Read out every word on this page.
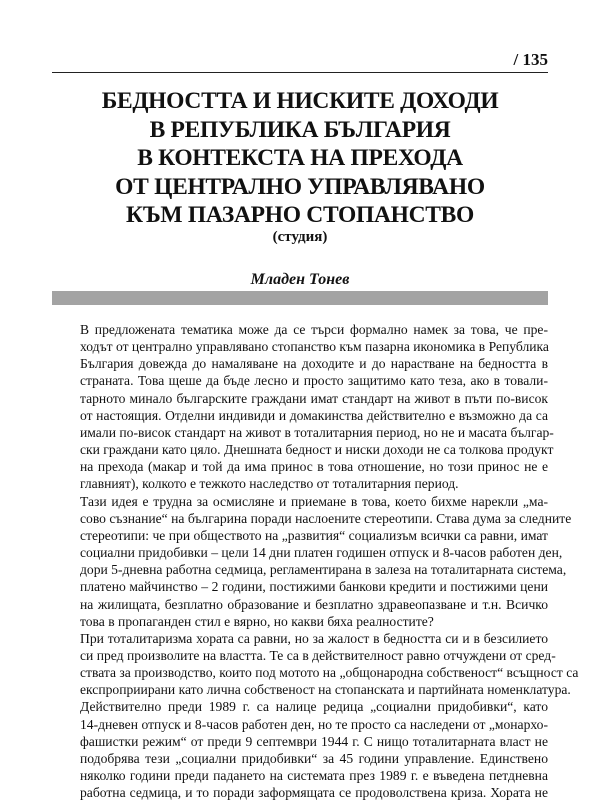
/ 135
БЕДНОСТТА И НИСКИТЕ ДОХОДИ
В РЕПУБЛИКА БЪЛГАРИЯ
В КОНТЕКСТА НА ПРЕХОДА
ОТ ЦЕНТРАЛНО УПРАВЛЯВАНО
КЪМ ПАЗАРНО СТОПАНСТВО
(студия)
Младен Тонев

В предложената тематика може да се търси формално намек за това, че пре-
ходът от централно управлявано стопанство към пазарна икономика в Република
България довежда до намаляване на доходите и до нарастване на бедността в
страната. Това щеше да бъде лесно и просто защитимо като теза, ако в товали-
тарното минало българските граждани имат стандарт на живот в пъти по-висок
от настоящия. Отделни индивиди и домакинства действително е възможно да са
имали по-висок стандарт на живот в тоталитарния период, но не и масата българ-
ски граждани като цяло. Днешната бедност и ниски доходи не са толкова продукт
на прехода (макар и той да има принос в това отношение, но този принос не е
главният), колкото е тежкото наследство от тоталитарния период.

Тази идея е трудна за осмисляне и приемане в това, което бихме нарекли „ма-
сово съзнание“ на българина поради наслоените стереотипи. Става дума за следните
стереотипи: че при обществото на „развития“ социализъм всички са равни, имат
социални придобивки – цели 14 дни платен годишен отпуск и 8-часов работен ден,
дори 5-дневна работна седмица, регламентирана в залеза на тоталитарната система,
платено майчинство – 2 години, постижими банкови кредити и постижими цени
на жилищата, безплатно образование и безплатно здравеопазване и т.н. Всичко
това в пропаганден стил е вярно, но какви бяха реалностите?

При тоталитаризма хората са равни, но за жалост в бедността си и в безсилието
си пред произволите на властта. Те са в действителност равно отчуждени от сред-
ствата за производство, които под мотото на „общонародна собственост“ всъщност са
експроприирани като лична собственост на стопанската и партийната номенклатура.

Действително преди 1989 г. са налице редица „социални придобивки“, като
14-дневен отпуск и 8-часов работен ден, но те просто са наследени от „монархо-
фашистки режим“ от преди 9 септември 1944 г. С нищо тоталитарната власт не
подобрява тези „социални придобивки“ за 45 години управление. Единствено
няколко години преди падането на системата през 1989 г. е въведена петдневна
работна седмица, и то поради заформящата се продоволствена криза. Хората не
